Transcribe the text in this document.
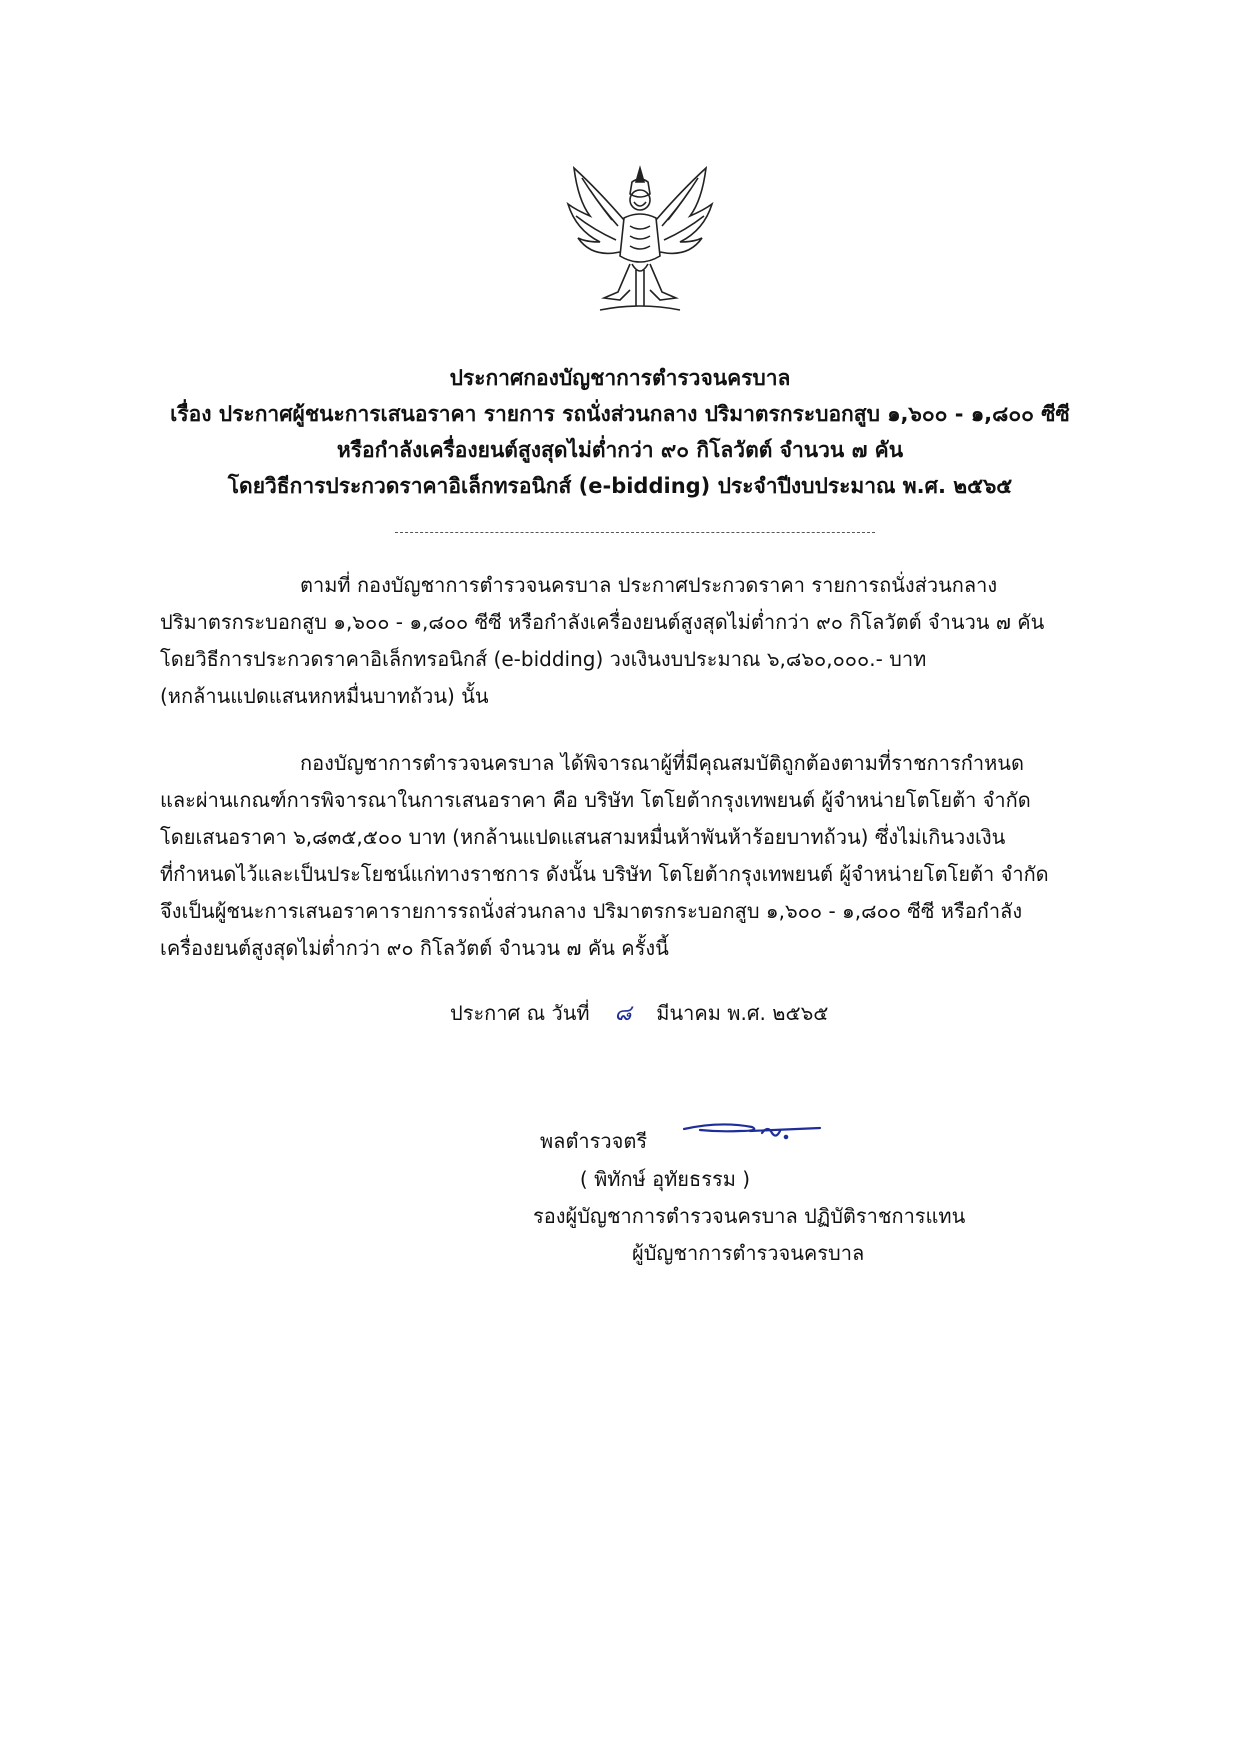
ประกาศกองบัญชาการตำรวจนครบาล
เรื่อง ประกาศผู้ชนะการเสนอราคา รายการ รถนั่งส่วนกลาง ปริมาตรกระบอกสูบ ๑,๖๐๐ - ๑,๘๐๐ ซีซี
หรือกำลังเครื่องยนต์สูงสุดไม่ต่ำกว่า ๙๐ กิโลวัตต์ จำนวน ๗ คัน
โดยวิธีการประกวดราคาอิเล็กทรอนิกส์ (e-bidding) ประจำปีงบประมาณ พ.ศ. ๒๕๖๕
ตามที่ กองบัญชาการตำรวจนครบาล ประกาศประกวดราคา รายการถนั่งส่วนกลาง
ปริมาตรกระบอกสูบ ๑,๖๐๐ - ๑,๘๐๐ ซีซี หรือกำลังเครื่องยนต์สูงสุดไม่ต่ำกว่า ๙๐ กิโลวัตต์ จำนวน ๗ คัน
โดยวิธีการประกวดราคาอิเล็กทรอนิกส์ (e-bidding) วงเงินงบประมาณ ๖,๘๖๐,๐๐๐.- บาท
(หกล้านแปดแสนหกหมื่นบาทถ้วน) นั้น
กองบัญชาการตำรวจนครบาล ได้พิจารณาผู้ที่มีคุณสมบัติถูกต้องตามที่ราชการกำหนด
และผ่านเกณฑ์การพิจารณาในการเสนอราคา คือ บริษัท โตโยต้ากรุงเทพยนต์ ผู้จำหน่ายโตโยต้า จำกัด
โดยเสนอราคา ๖,๘๓๕,๕๐๐ บาท (หกล้านแปดแสนสามหมื่นห้าพันห้าร้อยบาทถ้วน) ซึ่งไม่เกินวงเงิน
ที่กำหนดไว้และเป็นประโยชน์แก่ทางราชการ ดังนั้น บริษัท โตโยต้ากรุงเทพยนต์ ผู้จำหน่ายโตโยต้า จำกัด
จึงเป็นผู้ชนะการเสนอราคารายการรถนั่งส่วนกลาง ปริมาตรกระบอกสูบ ๑,๖๐๐ - ๑,๘๐๐ ซีซี หรือกำลัง
เครื่องยนต์สูงสุดไม่ต่ำกว่า ๙๐ กิโลวัตต์ จำนวน ๗ คัน ครั้งนี้
ประกาศ ณ วันที่ ๘ มีนาคม พ.ศ. ๒๕๖๕
พลตำรวจตรี
( พิทักษ์ อุทัยธรรม )
รองผู้บัญชาการตำรวจนครบาล ปฏิบัติราชการแทน
ผู้บัญชาการตำรวจนครบาล
